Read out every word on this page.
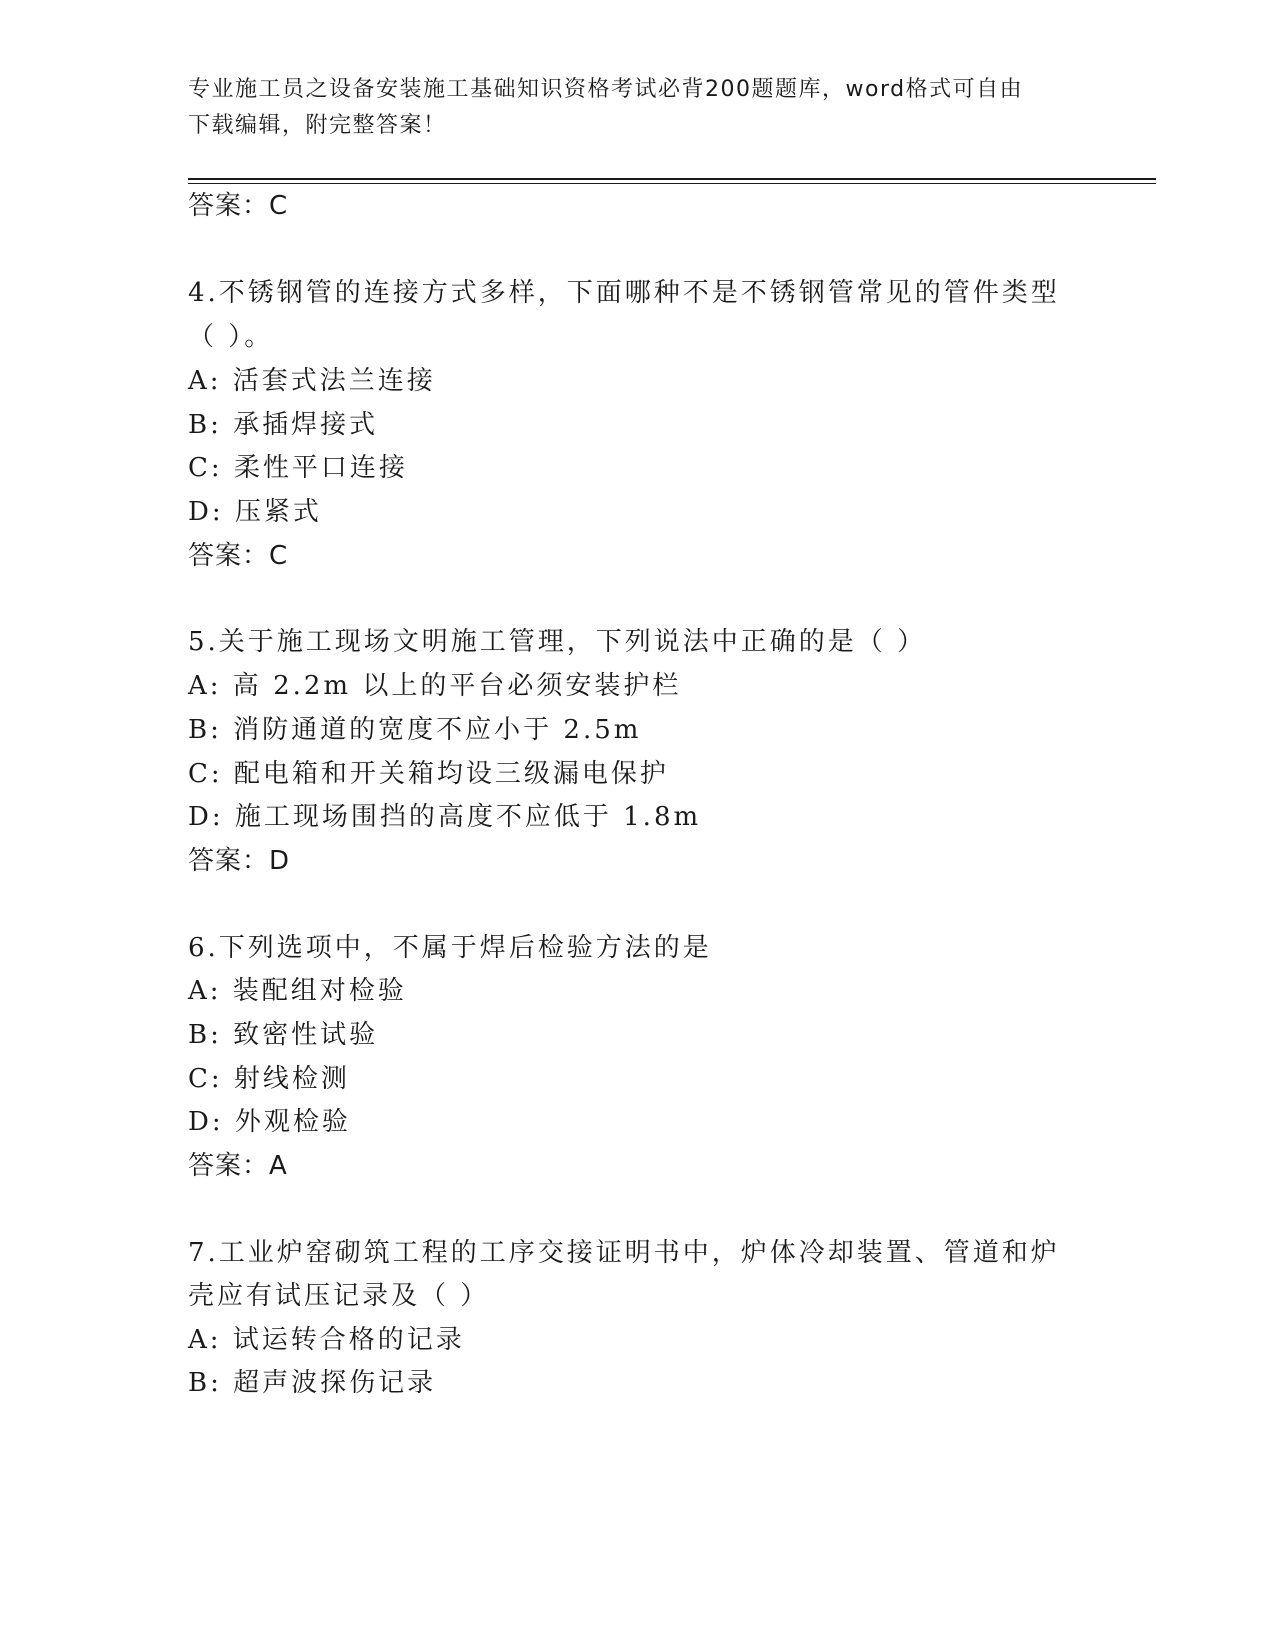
专业施工员之设备安装施工基础知识资格考试必背200题题库，word格式可自由
下载编辑，附完整答案！
答案：C
4.不锈钢管的连接方式多样，下面哪种不是不锈钢管常见的管件类型
（ ）。
A: 活套式法兰连接
B: 承插焊接式
C: 柔性平口连接
D: 压紧式
答案：C
5.关于施工现场文明施工管理，下列说法中正确的是（ ）
A: 高 2.2m 以上的平台必须安装护栏
B: 消防通道的宽度不应小于 2.5m
C: 配电箱和开关箱均设三级漏电保护
D: 施工现场围挡的高度不应低于 1.8m
答案：D
6.下列选项中，不属于焊后检验方法的是
A: 装配组对检验
B: 致密性试验
C: 射线检测
D: 外观检验
答案：A
7.工业炉窑砌筑工程的工序交接证明书中，炉体冷却装置、管道和炉
壳应有试压记录及（ ）
A: 试运转合格的记录
B: 超声波探伤记录
